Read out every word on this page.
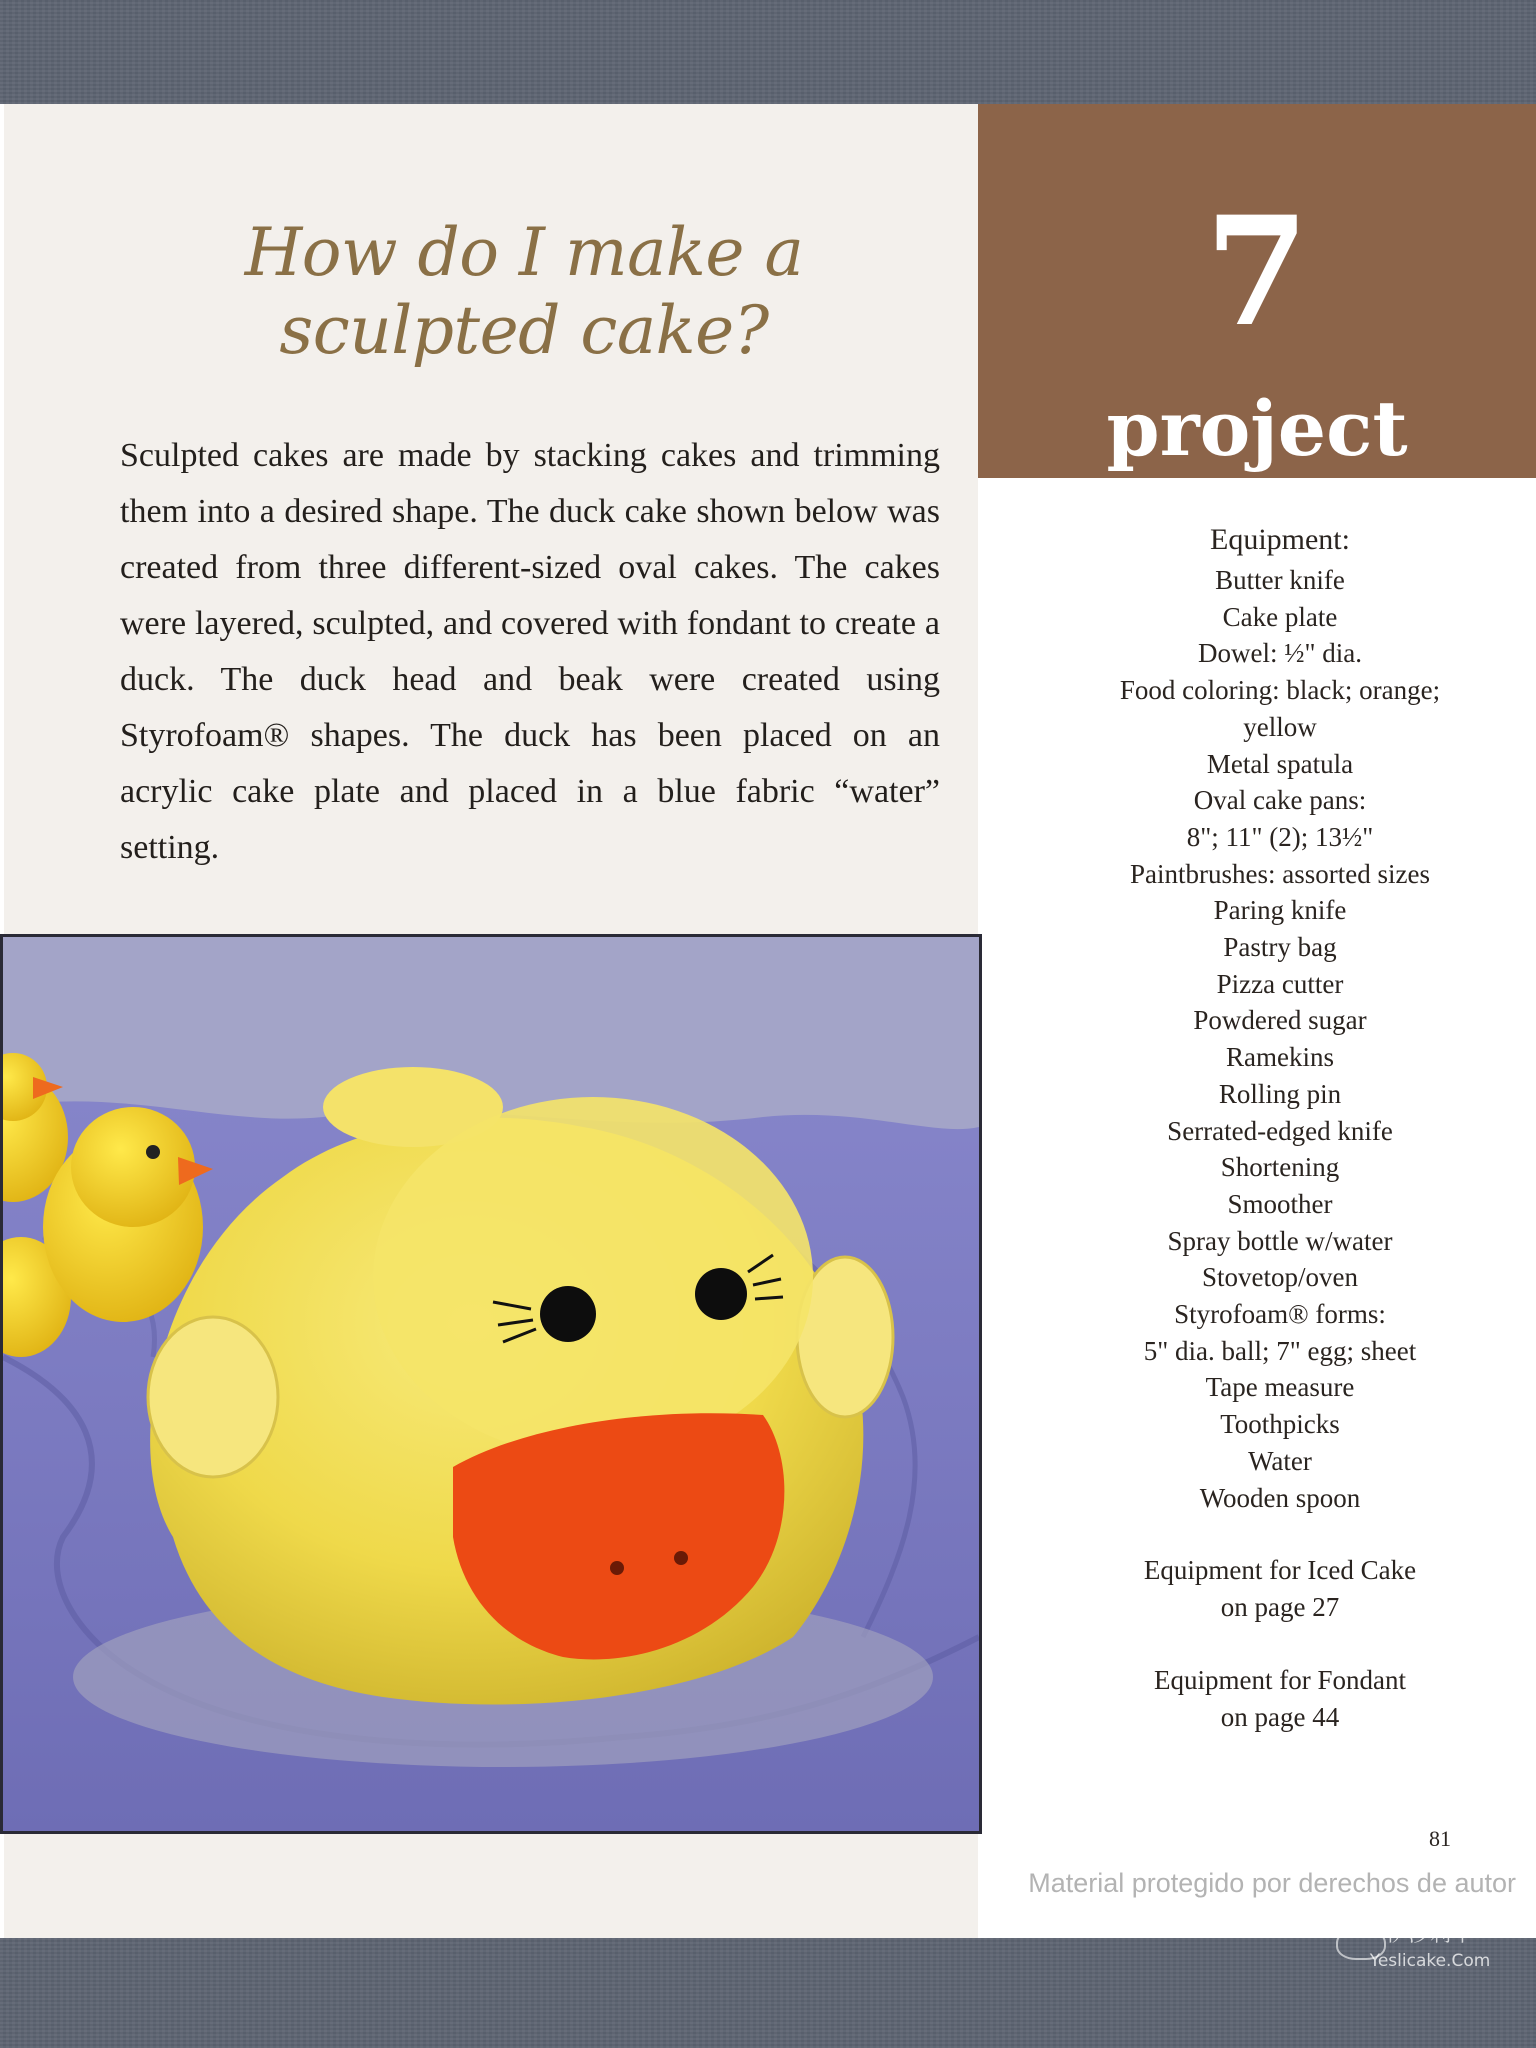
How do I make a sculpted cake?
Sculpted cakes are made by stacking cakes and trimming them into a desired shape. The duck cake shown below was created from three different-sized oval cakes. The cakes were layered, sculpted, and covered with fondant to create a duck. The duck head and beak were created using Styrofoam® shapes. The duck has been placed on an acrylic cake plate and placed in a blue fabric “water” setting.
7
project
Equipment:
Butter knife
Cake plate
Dowel: ½" dia.
Food coloring: black; orange;
yellow
Metal spatula
Oval cake pans:
8"; 11" (2); 13½"
Paintbrushes: assorted sizes
Paring knife
Pastry bag
Pizza cutter
Powdered sugar
Ramekins
Rolling pin
Serrated-edged knife
Shortening
Smoother
Spray bottle w/water
Stovetop/oven
Styrofoam® forms:
5" dia. ball; 7" egg; sheet
Tape measure
Toothpicks
Water
Wooden spoon
Equipment for Iced Cake
on page 27
Equipment for Fondant
on page 44
81
Material protegido por derechos de autor
伊莎莉卡
Yeslicake.Com
